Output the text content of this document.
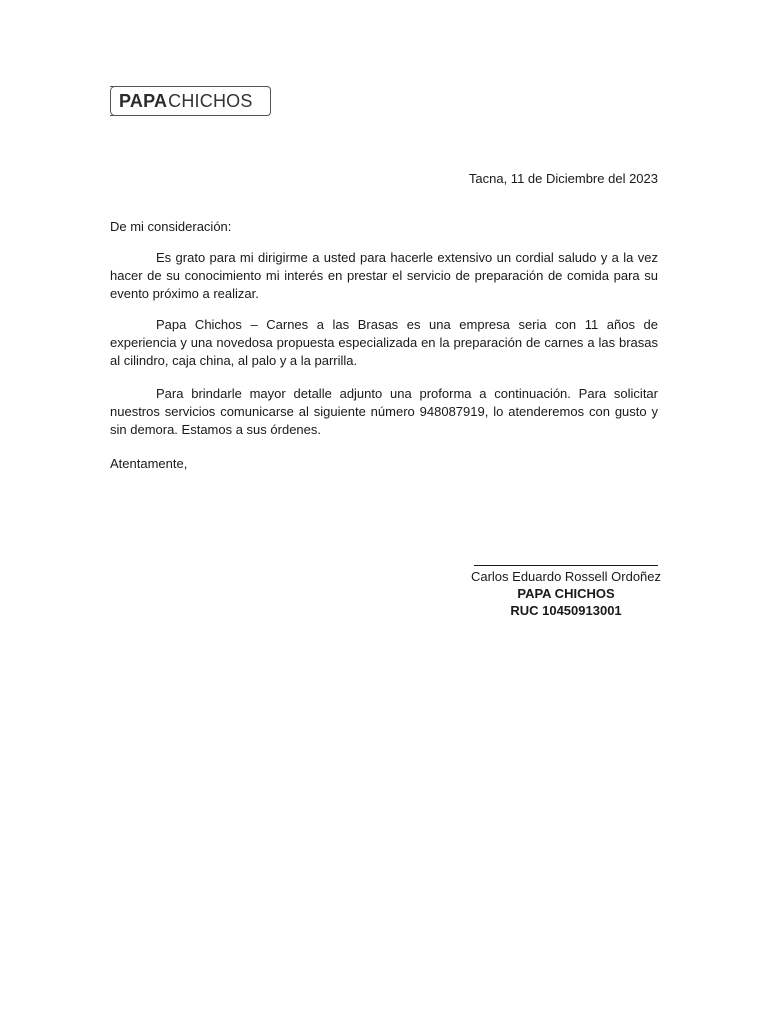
PAPA CHICHOS
Tacna, 11 de Diciembre del 2023
De mi consideración:

Es grato para mi dirigirme a usted para hacerle extensivo un cordial saludo y a la vez hacer de su conocimiento mi interés en prestar el servicio de preparación de comida para su evento próximo a realizar.

Papa Chichos – Carnes a las Brasas es una empresa seria con 11 años de experiencia y una novedosa propuesta especializada en la preparación de carnes a las brasas al cilindro, caja china, al palo y a la parrilla.

Para brindarle mayor detalle adjunto una proforma a continuación. Para solicitar nuestros servicios comunicarse al siguiente número 948087919, lo atenderemos con gusto y sin demora. Estamos a sus órdenes.

Atentamente,
Carlos Eduardo Rossell Ordoñez
PAPA CHICHOS
RUC 10450913001
